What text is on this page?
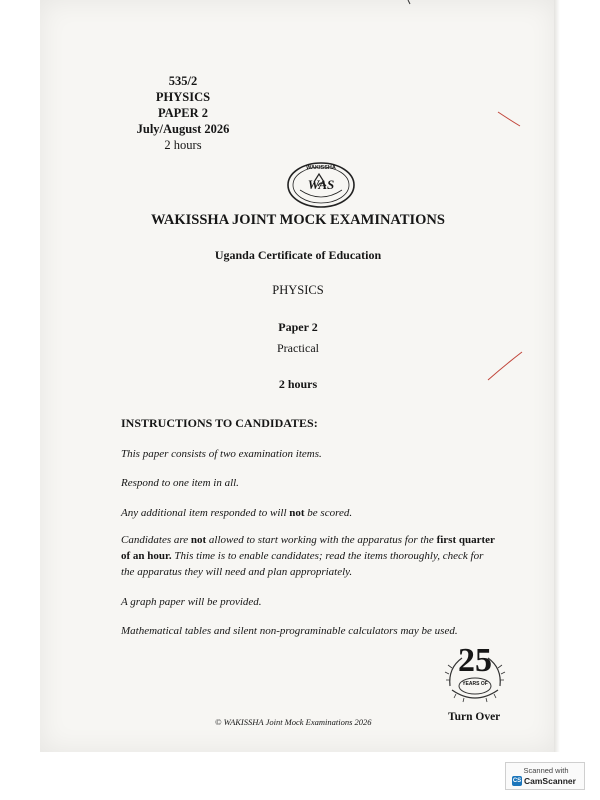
535/2
PHYSICS
PAPER 2
July/August 2026
2 hours
WAKISSHA
WAS
WAKISSHA JOINT MOCK EXAMINATIONS
Uganda Certificate of Education
PHYSICS
Paper 2
Practical
2 hours
INSTRUCTIONS TO CANDIDATES:
This paper consists of two examination items.
Respond to one item in all.
Any additional item responded to will not be scored.
Candidates are not allowed to start working with the apparatus for the first quarter
of an hour. This time is to enable candidates; read the items thoroughly, check for
the apparatus they will need and plan appropriately.
A graph paper will be provided.
Mathematical tables and silent non-programinable calculators may be used.
25
YEARS OF
© WAKISSHA Joint Mock Examinations 2026	Turn Over
Scanned with
CS CamScanner
